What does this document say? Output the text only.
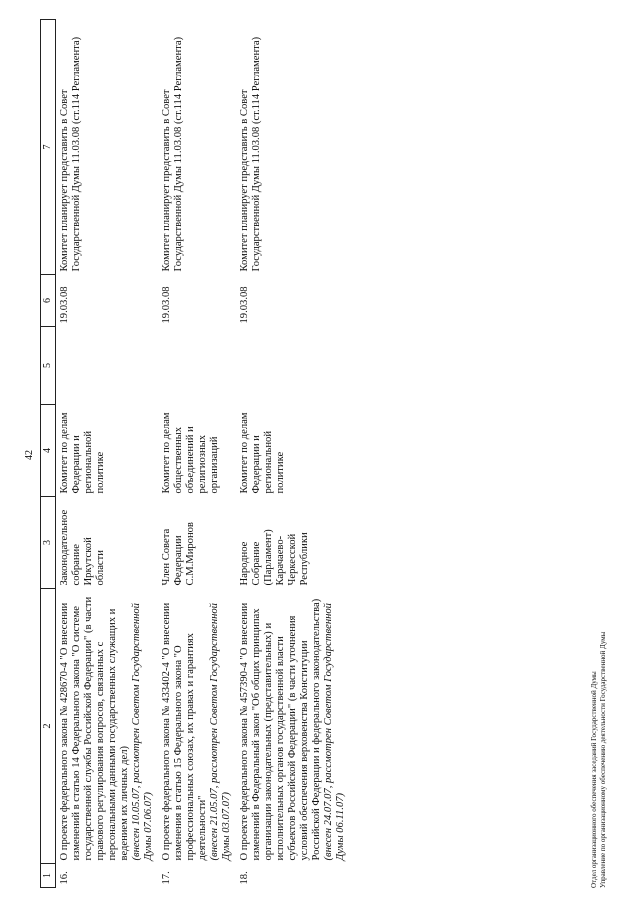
42
1	2	3	4	5	6	7
16.	О проекте федерального закона № 428670-4 "О внесении изменений в статью 14 Федерального закона "О системе государственной службы Российской Федерации" (в части правового регулирования вопросов, связанных с персональными данными государственных служащих и ведением их личных дел)
(внесен 10.05.07, рассмотрен Советом Государственной Думы 07.06.07)	Законодательное собрание Иркутской области	Комитет по делам Федерации и региональной политике		19.03.08	Комитет планирует представить в Совет Государственной Думы 11.03.08 (ст.114 Регламента)
17.	О проекте федерального закона № 433402-4 "О внесении изменения в статью 15 Федерального закона "О профессиональных союзах, их правах и гарантиях деятельности"
(внесен 21.05.07, рассмотрен Советом Государственной Думы 03.07.07)	Член Совета Федерации С.М.Миронов	Комитет по делам общественных объединений и религиозных организаций		19.03.08	Комитет планирует представить в Совет Государственной Думы 11.03.08 (ст.114 Регламента)
18.	О проекте федерального закона № 457390-4 "О внесении изменений в Федеральный закон "Об общих принципах организации законодательных (представительных) и исполнительных органов государственной власти субъектов Российской Федерации" (в части уточнения условий обеспечения верховенства Конституции Российской Федерации и федерального законодательства)
(внесен 24.07.07, рассмотрен Советом Государственной Думы 06.11.07)	Народное Собрание (Парламент) Карачаево-Черкесской Республики	Комитет по делам Федерации и региональной политике		19.03.08	Комитет планирует представить в Совет Государственной Думы 11.03.08 (ст.114 Регламента)
Отдел организационного обеспечения заседаний Государственной Думы Управление по организационному обеспечению деятельности Государственной Думы
